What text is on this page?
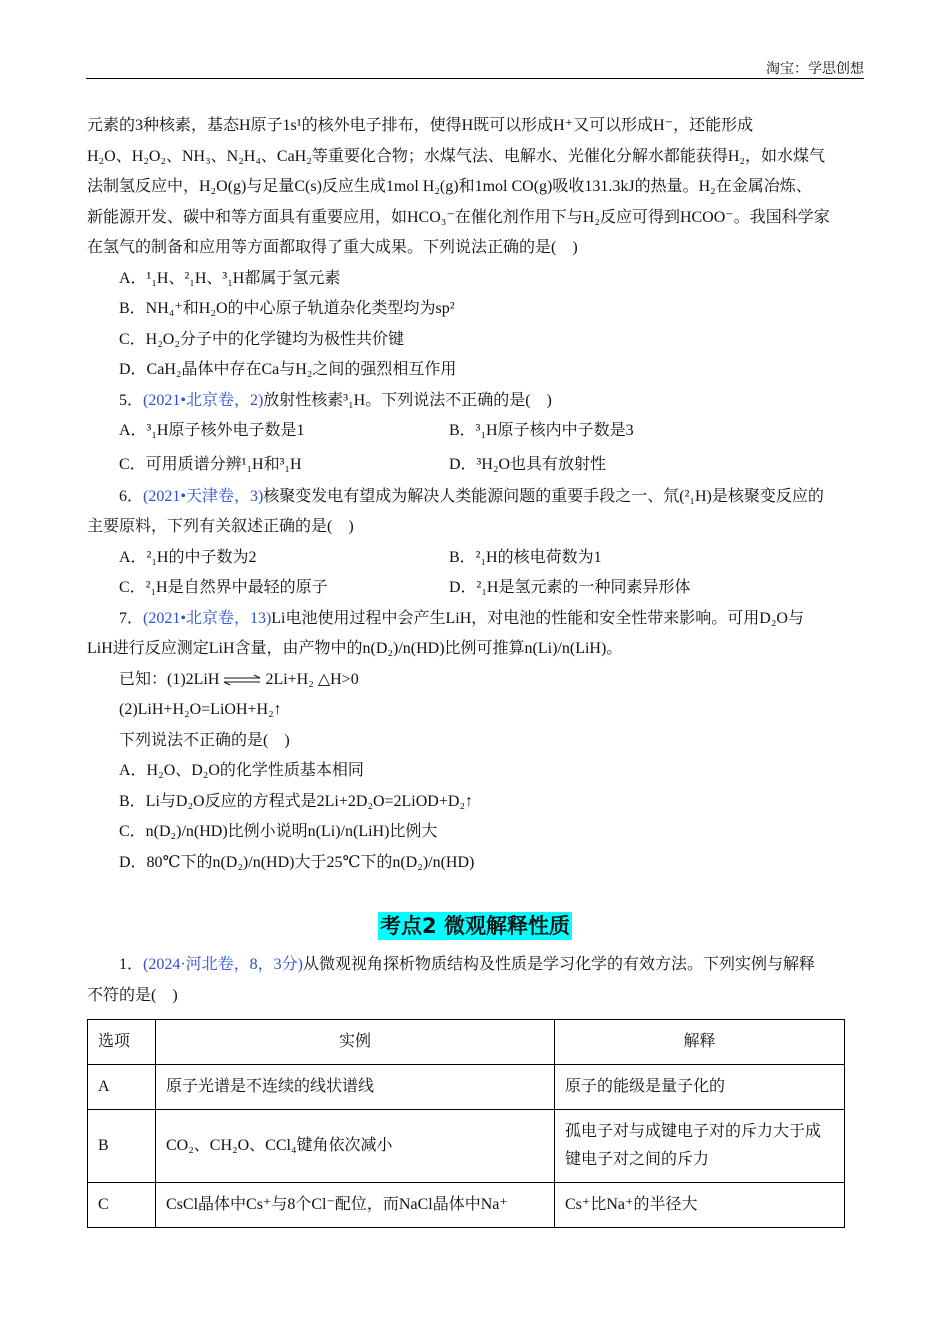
淘宝：学思创想
元素的3种核素，基态H原子1s¹的核外电子排布，使得H既可以形成H⁺又可以形成H⁻，还能形成
H₂O、H₂O₂、NH₃、N₂H₄、CaH₂等重要化合物；水煤气法、电解水、光催化分解水都能获得H₂，如水煤气
法制氢反应中，H₂O(g)与足量C(s)反应生成1mol H₂(g)和1mol CO(g)吸收131.3kJ的热量。H₂在金属冶炼、
新能源开发、碳中和等方面具有重要应用，如HCO₃⁻在催化剂作用下与H₂反应可得到HCOO⁻。我国科学家
在氢气的制备和应用等方面都取得了重大成果。下列说法正确的是(　)
A．¹₁H、²₁H、³₁H都属于氢元素
B．NH₄⁺和H₂O的中心原子轨道杂化类型均为sp²
C．H₂O₂分子中的化学键均为极性共价键
D．CaH₂晶体中存在Ca与H₂之间的强烈相互作用
5．(2021•北京卷，2)放射性核素³₁H。下列说法不正确的是(　)
A．³₁H原子核外电子数是1	B．³₁H原子核内中子数是3
C．可用质谱分辨¹₁H和³₁H	D．³H₂O也具有放射性
6．(2021•天津卷，3)核聚变发电有望成为解决人类能源问题的重要手段之一、氘(²₁H)是核聚变反应的
主要原料，下列有关叙述正确的是(　)
A．²₁H的中子数为2	B．²₁H的核电荷数为1
C．²₁H是自然界中最轻的原子	D．²₁H是氢元素的一种同素异形体
7．(2021•北京卷，13)Li电池使用过程中会产生LiH，对电池的性能和安全性带来影响。可用D₂O与
LiH进行反应测定LiH含量，由产物中的n(D₂)/n(HD)比例可推算n(Li)/n(LiH)。
已知：(1)2LiH ⇌ 2Li+H₂ △H>0
(2)LiH+H₂O=LiOH+H₂↑
下列说法不正确的是(　)
A．H₂O、D₂O的化学性质基本相同
B．Li与D₂O反应的方程式是2Li+2D₂O=2LiOD+D₂↑
C．n(D₂)/n(HD)比例小说明n(Li)/n(LiH)比例大
D．80℃下的n(D₂)/n(HD)大于25℃下的n(D₂)/n(HD)
考点2 微观解释性质
1．(2024·河北卷，8，3分)从微观视角探析物质结构及性质是学习化学的有效方法。下列实例与解释
不符的是(　)
选项	实例	解释
A	原子光谱是不连续的线状谱线	原子的能级是量子化的
B	CO₂、CH₂O、CCl₄键角依次减小	孤电子对与成键电子对的斥力大于成键电子对之间的斥力
C	CsCl晶体中Cs⁺与8个Cl⁻配位，而NaCl晶体中Na⁺	Cs⁺比Na⁺的半径大
